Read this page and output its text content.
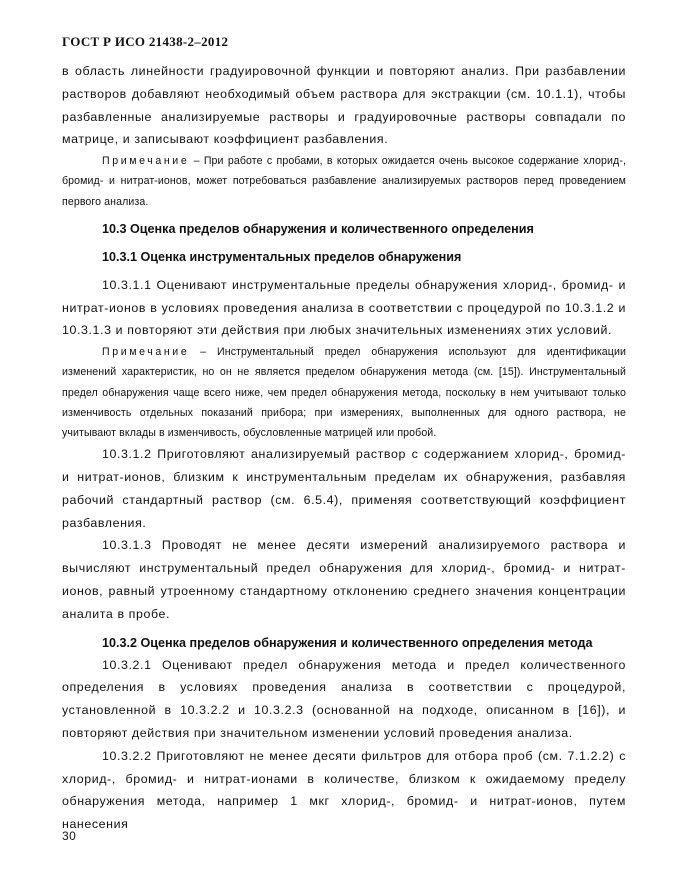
ГОСТ Р ИСО 21438-2–2012

в область линейности градуировочной функции и повторяют анализ. При разбавлении растворов добавляют необходимый объем раствора для экстракции (см. 10.1.1), чтобы разбавленные анализируемые растворы и градуировочные растворы совпадали по матрице, и записывают коэффициент разбавления.

Примечание – При работе с пробами, в которых ожидается очень высокое содержание хлорид-, бромид- и нитрат-ионов, может потребоваться разбавление анализируемых растворов перед проведением первого анализа.

10.3 Оценка пределов обнаружения и количественного определения
10.3.1 Оценка инструментальных пределов обнаружения

10.3.1.1 Оценивают инструментальные пределы обнаружения хлорид-, бромид- и нитрат-ионов в условиях проведения анализа в соответствии с процедурой по 10.3.1.2 и 10.3.1.3 и повторяют эти действия при любых значительных изменениях этих условий.

Примечание – Инструментальный предел обнаружения используют для идентификации изменений характеристик, но он не является пределом обнаружения метода (см. [15]). Инструментальный предел обнаружения чаще всего ниже, чем предел обнаружения метода, поскольку в нем учитывают только изменчивость отдельных показаний прибора; при измерениях, выполненных для одного раствора, не учитывают вклады в изменчивость, обусловленные матрицей или пробой.

10.3.1.2 Приготовляют анализируемый раствор с содержанием хлорид-, бромид- и нитрат-ионов, близким к инструментальным пределам их обнаружения, разбавляя рабочий стандартный раствор (см. 6.5.4), применяя соответствующий коэффициент разбавления.

10.3.1.3 Проводят не менее десяти измерений анализируемого раствора и вычисляют инструментальный предел обнаружения для хлорид-, бромид- и нитрат-ионов, равный утроенному стандартному отклонению среднего значения концентрации аналита в пробе.

10.3.2 Оценка пределов обнаружения и количественного определения метода

10.3.2.1 Оценивают предел обнаружения метода и предел количественного определения в условиях проведения анализа в соответствии с процедурой, установленной в 10.3.2.2 и 10.3.2.3 (основанной на подходе, описанном в [16]), и повторяют действия при значительном изменении условий проведения анализа.

10.3.2.2 Приготовляют не менее десяти фильтров для отбора проб (см. 7.1.2.2) с хлорид-, бромид- и нитрат-ионами в количестве, близком к ожидаемому пределу обнаружения метода, например 1 мкг хлорид-, бромид- и нитрат-ионов, путем нанесения

30
